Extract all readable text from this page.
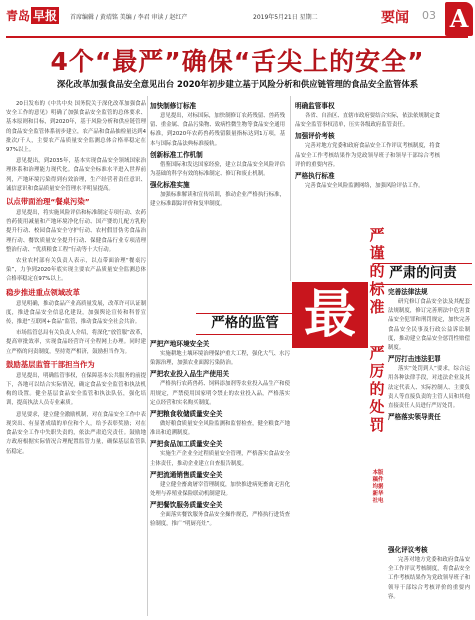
青岛 早报	首席编辑 / 黄靖铭 美编 / 李君 审读 / 赵红产	2019年5月21日 星期二	要闻 03 A
4个“最严”确保“舌尖上的安全”
深化改革加强食品安全意见出台 2020年初步建立基于风险分析和供应链管理的食品安全监管体系

20日发布的《中共中央 国务院关于深化改革加强食品安全工作的意见》明确了加强食品安全监管的总体要求、基本原则和目标，到2020年，基于风险分析和供应链管理的食品安全监管体系初步建立，农产品和食品抽检量达到4批次/千人，主要农产品质量安全监测总体合格率稳定在97%以上。

意见提出，到2035年，基本实现食品安全领域国家治理体系和治理能力现代化。食品安全标准水平进入世界前列，产地环境污染得到有效治理，生产经营者责任意识、诚信意识和食品质量安全管理水平明显提高。

以点带面治理“餐桌污染”

意见提出，将实施风险评估和标准制定专项行动、农药兽药使用减量和产地环境净化行动、国产婴幼儿配方乳粉提升行动、校园食品安全守护行动、农村假冒伪劣食品治理行动、餐饮质量安全提升行动、保健食品行业专项清理整治行动、“优质粮食工程”行动等十大行动。

农业农村部有关负责人表示，以点带面治理“餐桌污染”，力争到2020年底实现主要农产品质量安全监测总体合格率稳定在97%以上。

稳步推进重点领域改革

意见明确，推动食品产业高质量发展，改革许可认证制度，推进食品安全信息化建设，加强舆论宣传和科普宣传，推进“互联网+食品”监管，推动食品安全社会共治。

市场监管总局有关负责人介绍，将深化“放管服”改革，提高审批效率，实现食品经营许可全程网上办理。同时建立严格的问责制度，坚持宽严相济，鼓励担当作为。

鼓励基层监管干部担当作为

意见提出，明确监管事权，在保障基本公共服务的前提下，各地可以结合实际情况，确定食品安全监管和执法机构的设置。健全基层食品安全监管和执法队伍，强化培训，提高执法人员专业素质。

意见要求，建立健全激励机制，对在食品安全工作中表现突出、有显著成绩的单位和个人，给予表彰奖励；对在食品安全工作中失职失责的，依法严肃追究责任。鼓励地方政府根据实际情况合理配置监管力量，确保基层监管队伍稳定。

加快制修订标准

意见提出，对标国际，加快制修订农药残留、兽药残留、重金属、食品污染物、致病性微生物等食品安全通用标准，到2020年农药兽药残留限量指标达到1万项，基本与国际食品法典标准接轨。

创新标准工作机制

借鉴国际和发达国家经验，建立以食品安全风险评估为基础的科学有效的标准制定、修订和废止机制。

强化标准实施

加强标准解读和宣传培训，推动企业严格执行标准，建立标准跟踪评价和复审制度。

明确监管事权

各省、自治区、直辖市政府要结合实际，依法依规制定食品安全监管事权清单，压实各级政府监管责任。

加强评价考核

完善对地方党委和政府食品安全工作评议考核制度，将食品安全工作考核结果作为党政领导班子和领导干部综合考核评价的重要内容。

严格执行标准

完善食品安全风险监测网络，加强风险评估工作。

严谨的标准
最
严肃的问责
严格的监管
严厉的处罚
本版稿件均据新华社电
严把产地环境安全关

实施耕地土壤环境治理保护重大工程，强化大气、水污染源治理，加强农业面源污染防治。

严把农业投入品生产使用关

严格执行农药兽药、饲料添加剂等农业投入品生产和使用规定，严禁使用国家明令禁止的农业投入品，严格落实定点经营和实名购买制度。

严把粮食收储质量安全关

做好粮食质量安全风险监测和监督检查，健全粮食产地准出和追溯制度。

严把食品加工质量安全关

实施生产企业全过程质量安全管理，严格落实食品安全主体责任，推动企业建立自查报告制度。

严把流通销售质量安全关

建立健全畜禽屠宰管理制度，加快推进病死畜禽无害化处理与养殖业保险联动机制建设。

严把餐饮服务质量安全关

全面落实餐饮服务食品安全操作规范，严格执行进货查验制度，推广“明厨亮灶”。

完善法律法规

研究修订食品安全法及其配套法规制度，修订完善刑法中危害食品安全犯罪和刑罚规定，加快完善食品安全民事及行政公益诉讼制度，推动建立食品安全惩罚性赔偿制度。

严厉打击违法犯罪

落实“处罚到人”要求，综合运用各种法律手段，对违法企业及其法定代表人、实际控制人、主要负责人等直接负责的主管人员和其他直接责任人员进行严厉处罚。

严格落实领导责任
强化评议考核

完善对地方党委和政府食品安全工作评议考核制度，将食品安全工作考核结果作为党政领导班子和领导干部综合考核评价的重要内容。
